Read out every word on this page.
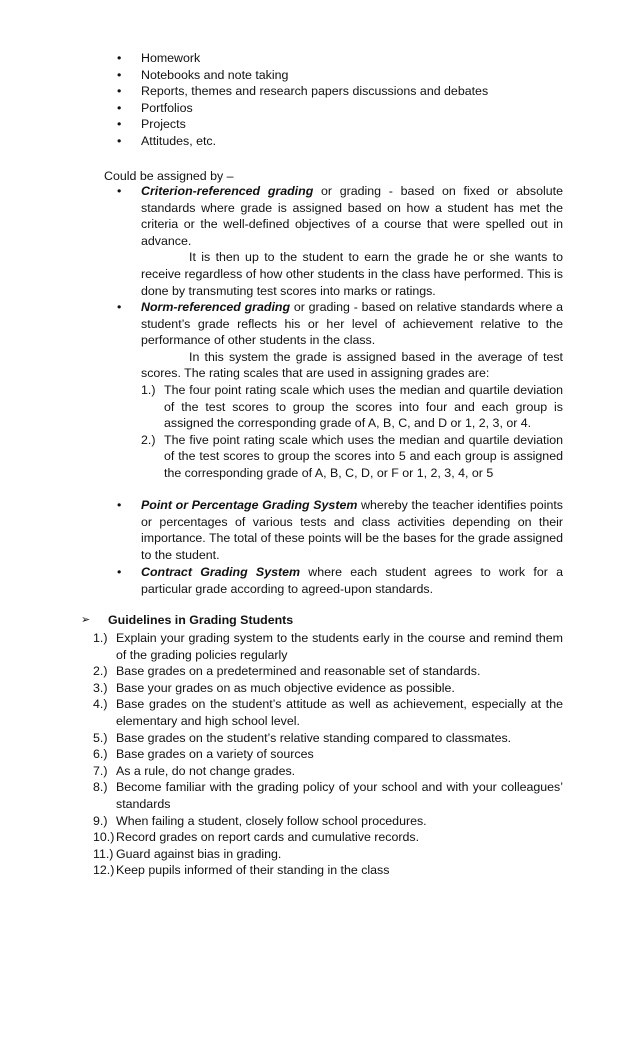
• Homework
• Notebooks and note taking
• Reports, themes and research papers discussions and debates
• Portfolios
• Projects
• Attitudes, etc.
Could be assigned by –
• Criterion-referenced grading or grading - based on fixed or absolute standards where grade is assigned based on how a student has met the criteria or the well-defined objectives of a course that were spelled out in advance.
It is then up to the student to earn the grade he or she wants to receive regardless of how other students in the class have performed. This is done by transmuting test scores into marks or ratings.
• Norm-referenced grading or grading - based on relative standards where a student’s grade reflects his or her level of achievement relative to the performance of other students in the class.
In this system the grade is assigned based in the average of test scores. The rating scales that are used in assigning grades are:
1.) The four point rating scale which uses the median and quartile deviation of the test scores to group the scores into four and each group is assigned the corresponding grade of A, B, C, and D or 1, 2, 3, or 4.
2.) The five point rating scale which uses the median and quartile deviation of the test scores to group the scores into 5 and each group is assigned the corresponding grade of A, B, C, D, or F or 1, 2, 3, 4, or 5
• Point or Percentage Grading System whereby the teacher identifies points or percentages of various tests and class activities depending on their importance. The total of these points will be the bases for the grade assigned to the student.
• Contract Grading System where each student agrees to work for a particular grade according to agreed-upon standards.
➢ Guidelines in Grading Students
1.) Explain your grading system to the students early in the course and remind them of the grading policies regularly
2.) Base grades on a predetermined and reasonable set of standards.
3.) Base your grades on as much objective evidence as possible.
4.) Base grades on the student’s attitude as well as achievement, especially at the elementary and high school level.
5.) Base grades on the student’s relative standing compared to classmates.
6.) Base grades on a variety of sources
7.) As a rule, do not change grades.
8.) Become familiar with the grading policy of your school and with your colleagues’ standards
9.) When failing a student, closely follow school procedures.
10.) Record grades on report cards and cumulative records.
11.) Guard against bias in grading.
12.) Keep pupils informed of their standing in the class
